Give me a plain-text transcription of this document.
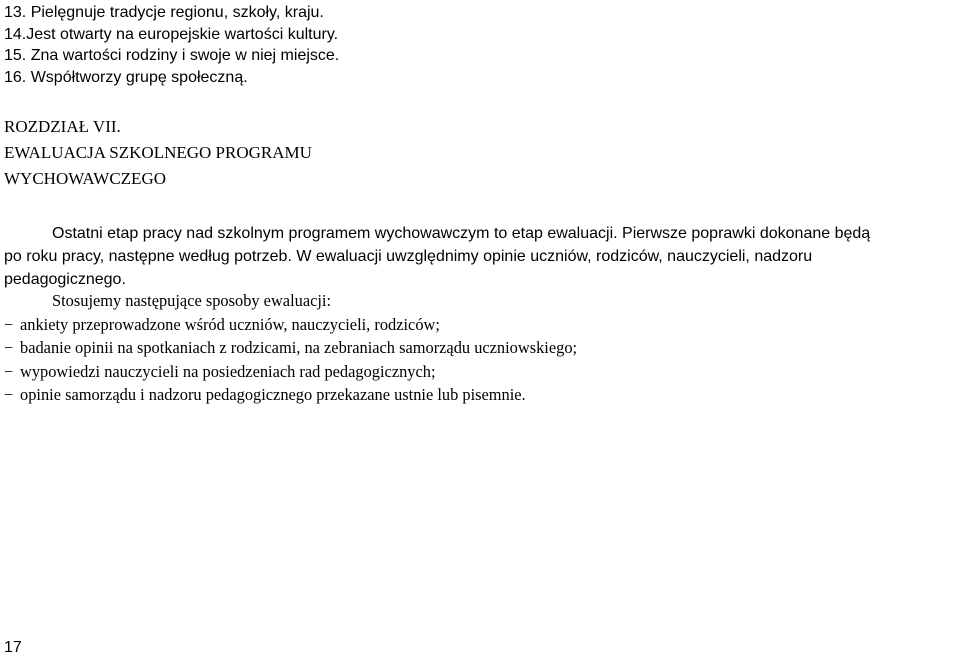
13. Pielęgnuje tradycje regionu, szkoły, kraju.
14.Jest otwarty na europejskie wartości kultury.
15. Zna wartości rodziny i swoje w niej miejsce.
16. Współtworzy grupę społeczną.
ROZDZIAŁ VII.
EWALUACJA SZKOLNEGO PROGRAMU
WYCHOWAWCZEGO
Ostatni etap pracy nad szkolnym programem wychowawczym to etap ewaluacji. Pierwsze poprawki dokonane będą
po roku pracy, następne według potrzeb. W ewaluacji uwzględnimy opinie uczniów, rodziców, nauczycieli, nadzoru
pedagogicznego.
Stosujemy następujące sposoby ewaluacji:
− ankiety przeprowadzone wśród uczniów, nauczycieli, rodziców;
− badanie opinii na spotkaniach z rodzicami, na zebraniach samorządu uczniowskiego;
− wypowiedzi nauczycieli na posiedzeniach rad pedagogicznych;
− opinie samorządu i nadzoru pedagogicznego przekazane ustnie lub pisemnie.
17
